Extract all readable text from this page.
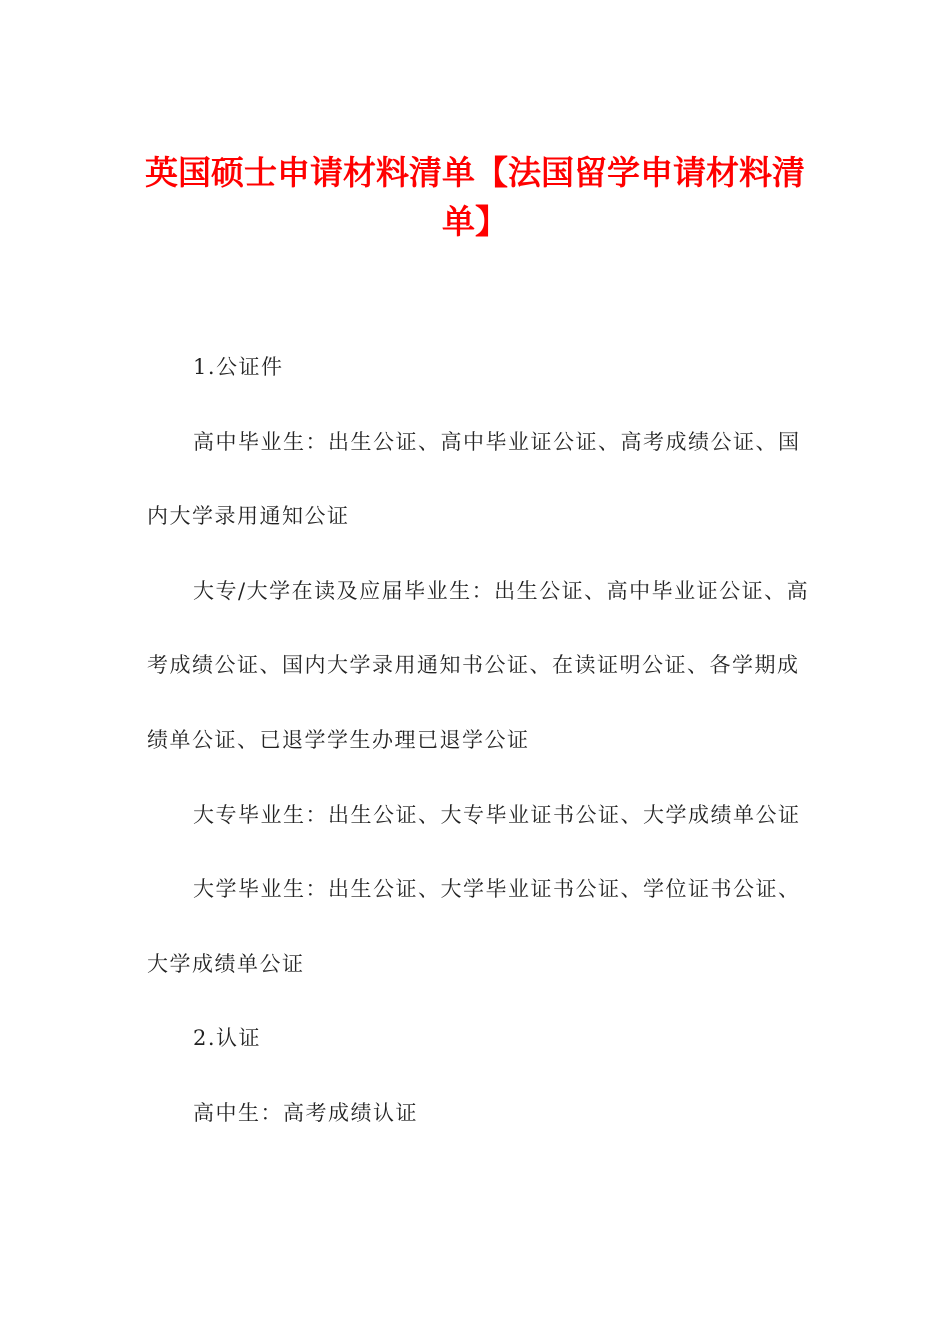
英国硕士申请材料清单【法国留学申请材料清单】

1.公证件

高中毕业生：出生公证、高中毕业证公证、高考成绩公证、国内大学录用通知公证

大专/大学在读及应届毕业生：出生公证、高中毕业证公证、高考成绩公证、国内大学录用通知书公证、在读证明公证、各学期成绩单公证、已退学学生办理已退学公证

大专毕业生：出生公证、大专毕业证书公证、大学成绩单公证

大学毕业生：出生公证、大学毕业证书公证、学位证书公证、大学成绩单公证

2.认证

高中生：高考成绩认证
